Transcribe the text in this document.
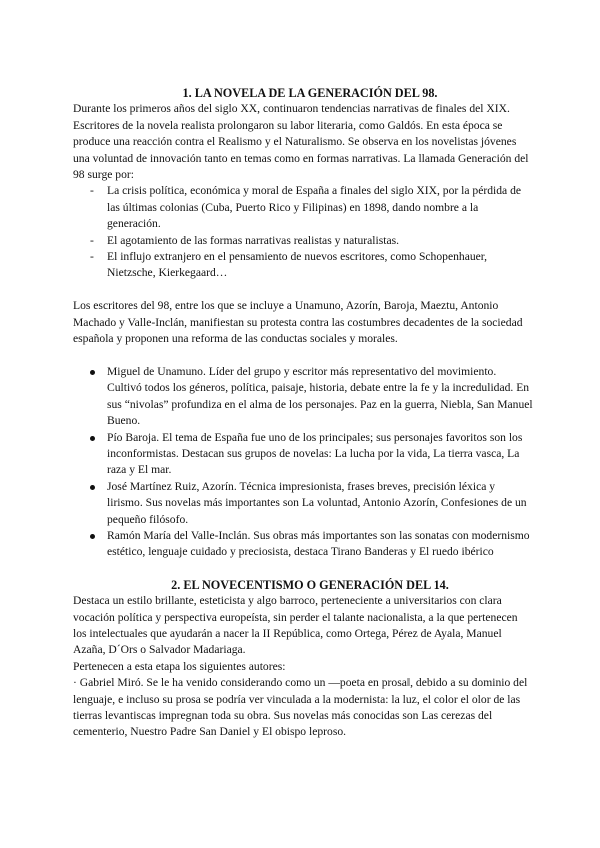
1. LA NOVELA DE LA GENERACIÓN DEL 98.

Durante los primeros años del siglo XX, continuaron tendencias narrativas de finales del XIX. Escritores de la novela realista prolongaron su labor literaria, como Galdós. En esta época se produce una reacción contra el Realismo y el Naturalismo. Se observa en los novelistas jóvenes una voluntad de innovación tanto en temas como en formas narrativas. La llamada Generación del 98 surge por:

- La crisis política, económica y moral de España a finales del siglo XIX, por la pérdida de las últimas colonias (Cuba, Puerto Rico y Filipinas) en 1898, dando nombre a la generación.
- El agotamiento de las formas narrativas realistas y naturalistas.
- El influjo extranjero en el pensamiento de nuevos escritores, como Schopenhauer, Nietzsche, Kierkegaard…

Los escritores del 98, entre los que se incluye a Unamuno, Azorín, Baroja, Maeztu, Antonio Machado y Valle-Inclán, manifiestan su protesta contra las costumbres decadentes de la sociedad española y proponen una reforma de las conductas sociales y morales.

Miguel de Unamuno. Líder del grupo y escritor más representativo del movimiento. Cultivó todos los géneros, política, paisaje, historia, debate entre la fe y la incredulidad. En sus “nivolas” profundiza en el alma de los personajes. Paz en la guerra, Niebla, San Manuel Bueno.
Pío Baroja. El tema de España fue uno de los principales; sus personajes favoritos son los inconformistas. Destacan sus grupos de novelas: La lucha por la vida, La tierra vasca, La raza y El mar.
José Martínez Ruiz, Azorín. Técnica impresionista, frases breves, precisión léxica y lirismo. Sus novelas más importantes son La voluntad, Antonio Azorín, Confesiones de un pequeño filósofo.
Ramón María del Valle-Inclán. Sus obras más importantes son las sonatas con modernismo estético, lenguaje cuidado y preciosista, destaca Tirano Banderas y El ruedo ibérico
2. EL NOVECENTISMO O GENERACIÓN DEL 14.

Destaca un estilo brillante, esteticista y algo barroco, perteneciente a universitarios con clara vocación política y perspectiva europeísta, sin perder el talante nacionalista, a la que pertenecen los intelectuales que ayudarán a nacer la II República, como Ortega, Pérez de Ayala, Manuel Azaña, D´Ors o Salvador Madariaga.

Pertenecen a esta etapa los siguientes autores:

· Gabriel Miró. Se le ha venido considerando como un ―poeta en prosa‖, debido a su dominio del lenguaje, e incluso su prosa se podría ver vinculada a la modernista: la luz, el color el olor de las tierras levantiscas impregnan toda su obra. Sus novelas más conocidas son Las cerezas del cementerio, Nuestro Padre San Daniel y El obispo leproso.
